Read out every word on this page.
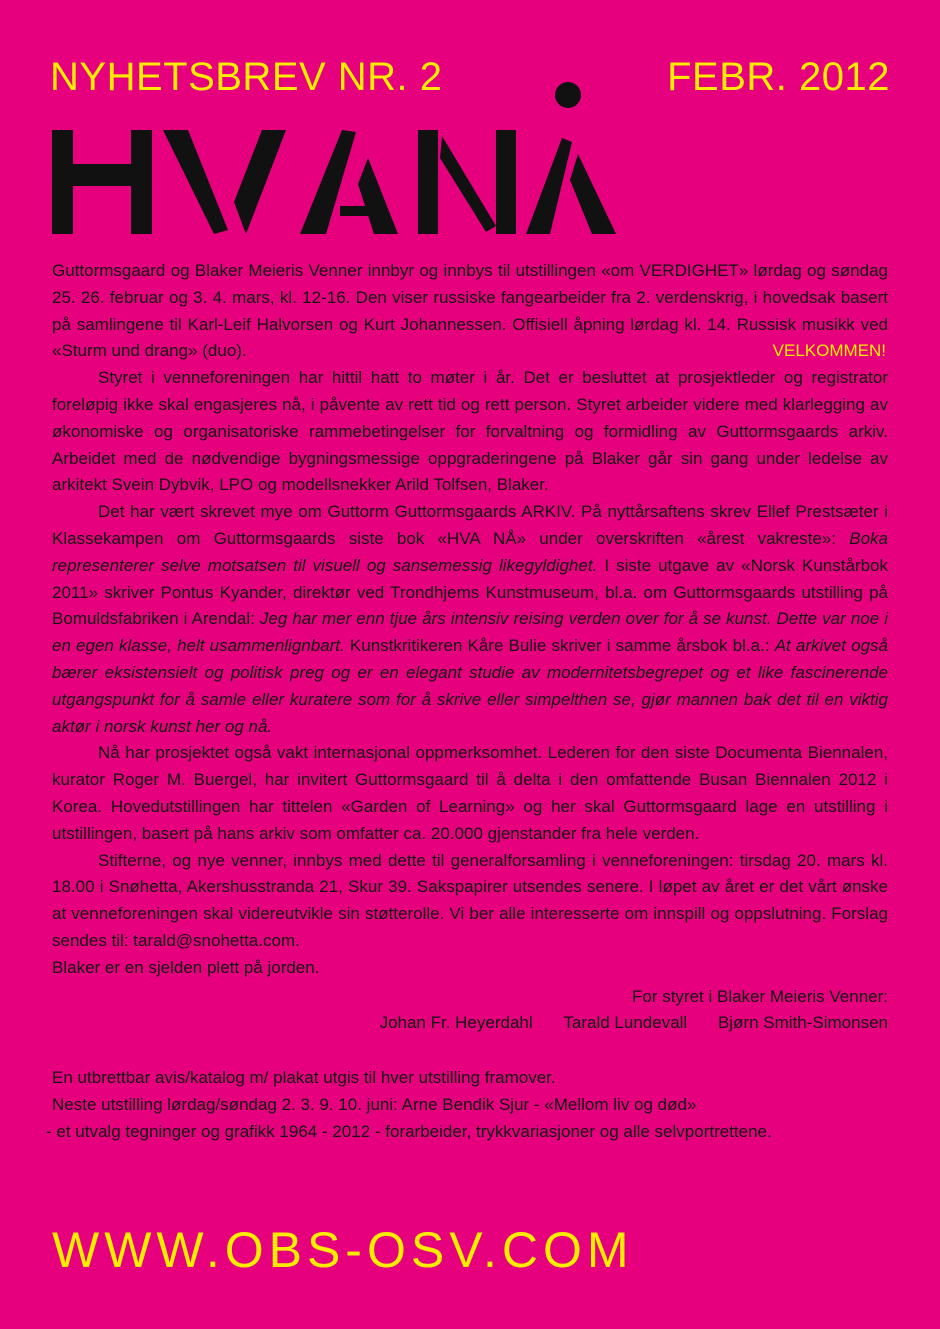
NYHETSBREV NR. 2	FEBR. 2012

Guttormsgaard og Blaker Meieris Venner innbyr og innbys til utstillingen «om VERDIGHET» lørdag og søndag 25. 26. februar og 3. 4. mars, kl. 12-16. Den viser russiske fangearbeider fra 2. verdenskrig, i hovedsak basert på samlingene til Karl-Leif Halvorsen og Kurt Johannessen. Offisiell åpning lørdag kl. 14. Russisk musikk ved «Sturm und drang» (duo).	VELKOMMEN!

Styret i venneforeningen har hittil hatt to møter i år. Det er besluttet at prosjektleder og registrator foreløpig ikke skal engasjeres nå, i påvente av rett tid og rett person. Styret arbeider videre med klarlegging av økonomiske og organisatoriske rammebetingelser for forvaltning og formidling av Guttormsgaards arkiv. Arbeidet med de nødvendige bygningsmessige oppgraderingene på Blaker går sin gang under ledelse av arkitekt Svein Dybvik, LPO og modellsnekker Arild Tolfsen, Blaker.

Det har vært skrevet mye om Guttorm Guttormsgaards ARKIV. På nyttårsaftens skrev Ellef Prestsæter i Klassekampen om Guttormsgaards siste bok «HVA NÅ» under overskriften «årest vakreste»: Boka representerer selve motsatsen til visuell og sansemessig likegyldighet. I siste utgave av «Norsk Kunstårbok 2011» skriver Pontus Kyander, direktør ved Trondhjems Kunstmuseum, bl.a. om Guttormsgaards utstilling på Bomuldsfabriken i Arendal: Jeg har mer enn tjue års intensiv reising verden over for å se kunst. Dette var noe i en egen klasse, helt usammenlignbart. Kunstkritikeren Kåre Bulie skriver i samme årsbok bl.a.: At arkivet også bærer eksistensielt og politisk preg og er en elegant studie av modernitetsbegrepet og et like fascinerende utgangspunkt for å samle eller kuratere som for å skrive eller simpelthen se, gjør mannen bak det til en viktig aktør i norsk kunst her og nå.

Nå har prosjektet også vakt internasjonal oppmerksomhet. Lederen for den siste Documenta Biennalen, kurator Roger M. Buergel, har invitert Guttormsgaard til å delta i den omfattende Busan Biennalen 2012 i Korea. Hovedutstillingen har tittelen «Garden of Learning» og her skal Guttormsgaard lage en utstilling i utstillingen, basert på hans arkiv som omfatter ca. 20.000 gjenstander fra hele verden.

Stifterne, og nye venner, innbys med dette til generalforsamling i venneforeningen: tirsdag 20. mars kl. 18.00 i Snøhetta, Akershusstranda 21, Skur 39. Sakspapirer utsendes senere. I løpet av året er det vårt ønske at venneforeningen skal videreutvikle sin støtterolle. Vi ber alle interesserte om innspill og oppslutning. Forslag sendes til: tarald@snohetta.com.

Blaker er en sjelden plett på jorden.

For styret i Blaker Meieris Venner:
Johan Fr. Heyerdahl Tarald Lundevall Bjørn Smith-Simonsen

En utbrettbar avis/katalog m/ plakat utgis til hver utstilling framover.

Neste utstilling lørdag/søndag 2. 3. 9. 10. juni: Arne Bendik Sjur - «Mellom liv og død»

- et utvalg tegninger og grafikk 1964 - 2012 - forarbeider, trykkvariasjoner og alle selvportrettene.

WWW.OBS-OSV.COM
